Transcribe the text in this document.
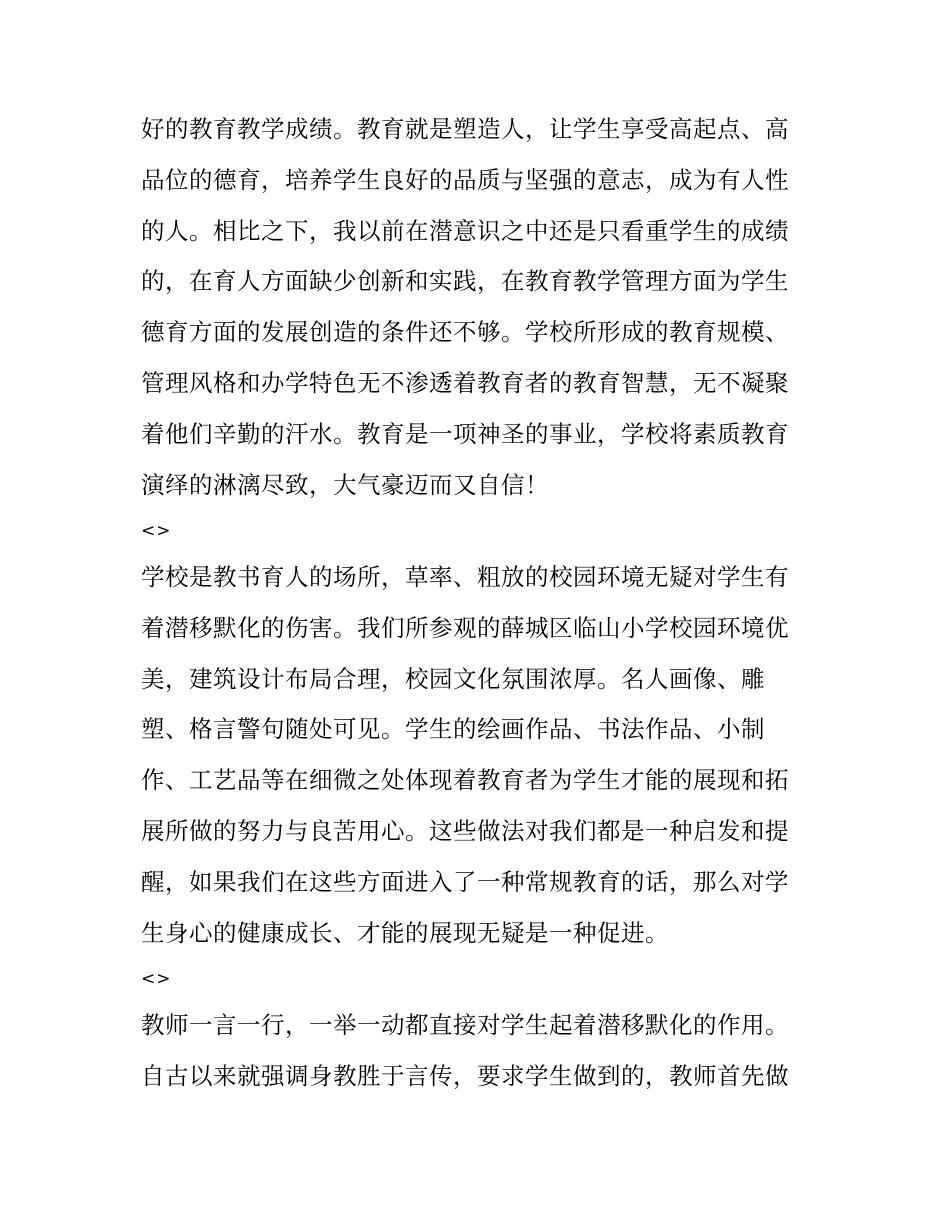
好的教育教学成绩。教育就是塑造人，让学生享受高起点、高
品位的德育，培养学生良好的品质与坚强的意志，成为有人性
的人。相比之下，我以前在潜意识之中还是只看重学生的成绩
的，在育人方面缺少创新和实践，在教育教学管理方面为学生
德育方面的发展创造的条件还不够。学校所形成的教育规模、
管理风格和办学特色无不渗透着教育者的教育智慧，无不凝聚
着他们辛勤的汗水。教育是一项神圣的事业，学校将素质教育
演绎的淋漓尽致，大气豪迈而又自信！
<>
学校是教书育人的场所，草率、粗放的校园环境无疑对学生有
着潜移默化的伤害。我们所参观的薛城区临山小学校园环境优
美，建筑设计布局合理，校园文化氛围浓厚。名人画像、雕
塑、格言警句随处可见。学生的绘画作品、书法作品、小制
作、工艺品等在细微之处体现着教育者为学生才能的展现和拓
展所做的努力与良苦用心。这些做法对我们都是一种启发和提
醒，如果我们在这些方面进入了一种常规教育的话，那么对学
生身心的健康成长、才能的展现无疑是一种促进。
<>
教师一言一行，一举一动都直接对学生起着潜移默化的作用。
自古以来就强调身教胜于言传，要求学生做到的，教师首先做
